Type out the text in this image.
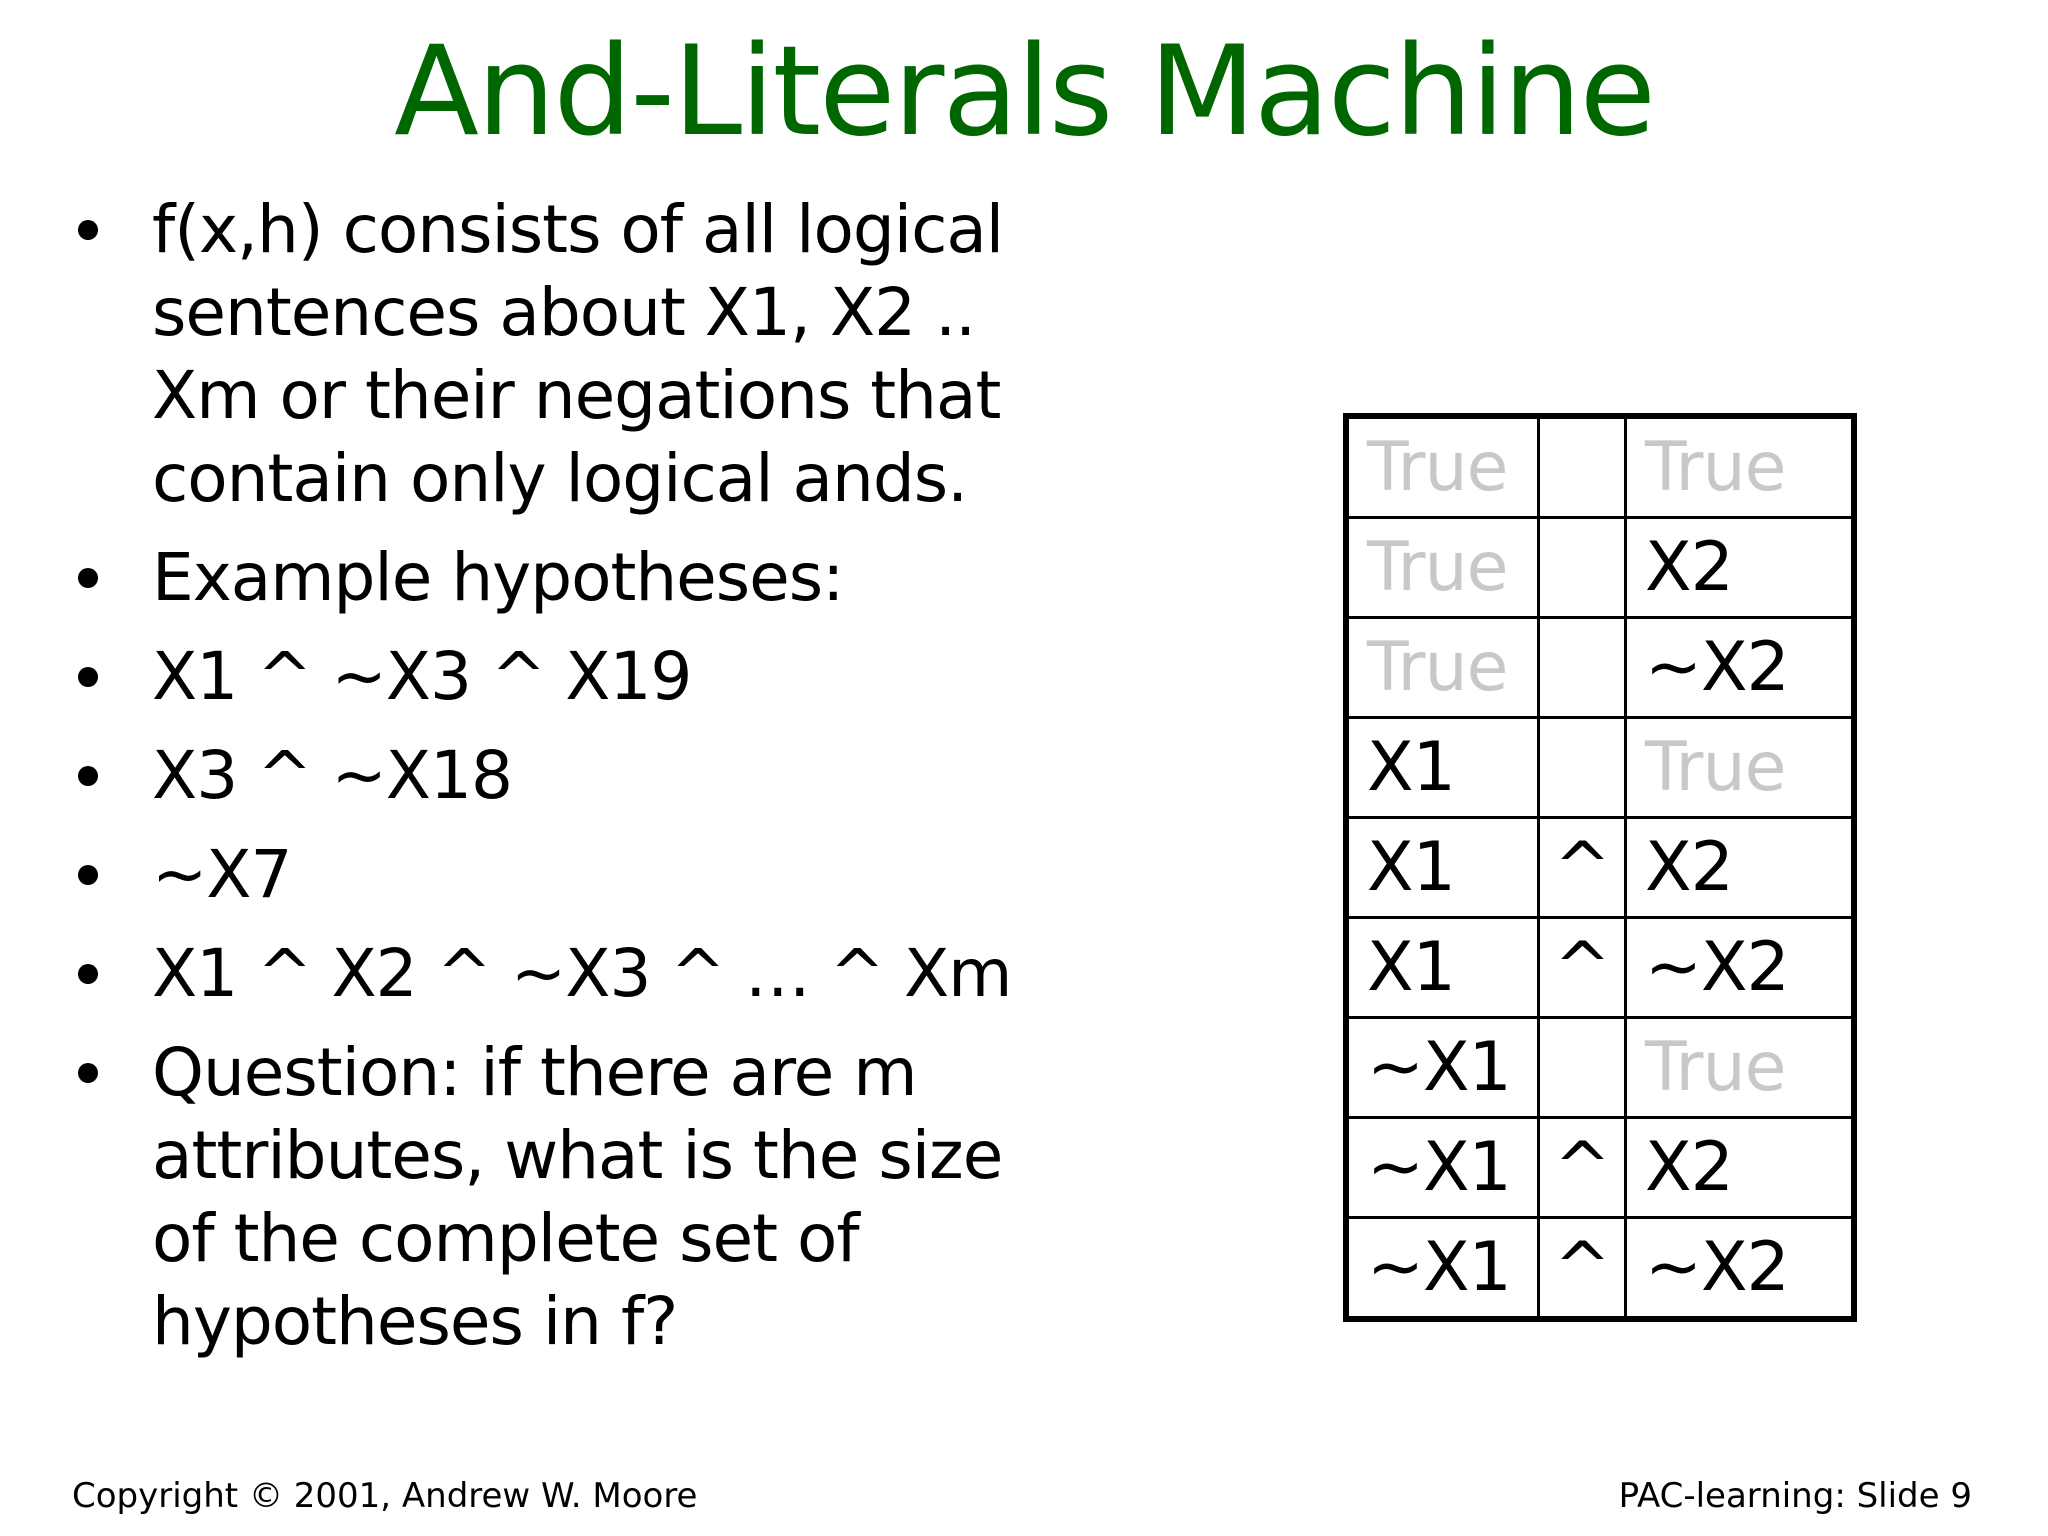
And-Literals Machine
f(x,h) consists of all logical sentences about X1, X2 .. Xm or their negations that contain only logical ands.
Example hypotheses:
X1 ^ ~X3 ^ X19
X3 ^ ~X18
~X7
X1 ^ X2 ^ ~X3 ^ … ^ Xm
Question: if there are m attributes, what is the size of the complete set of hypotheses in f?
True		True
True		X2
True		~X2
X1		True
X1	^	X2
X1	^	~X2
~X1		True
~X1	^	X2
~X1	^	~X2
Copyright © 2001, Andrew W. Moore	PAC-learning: Slide 9
